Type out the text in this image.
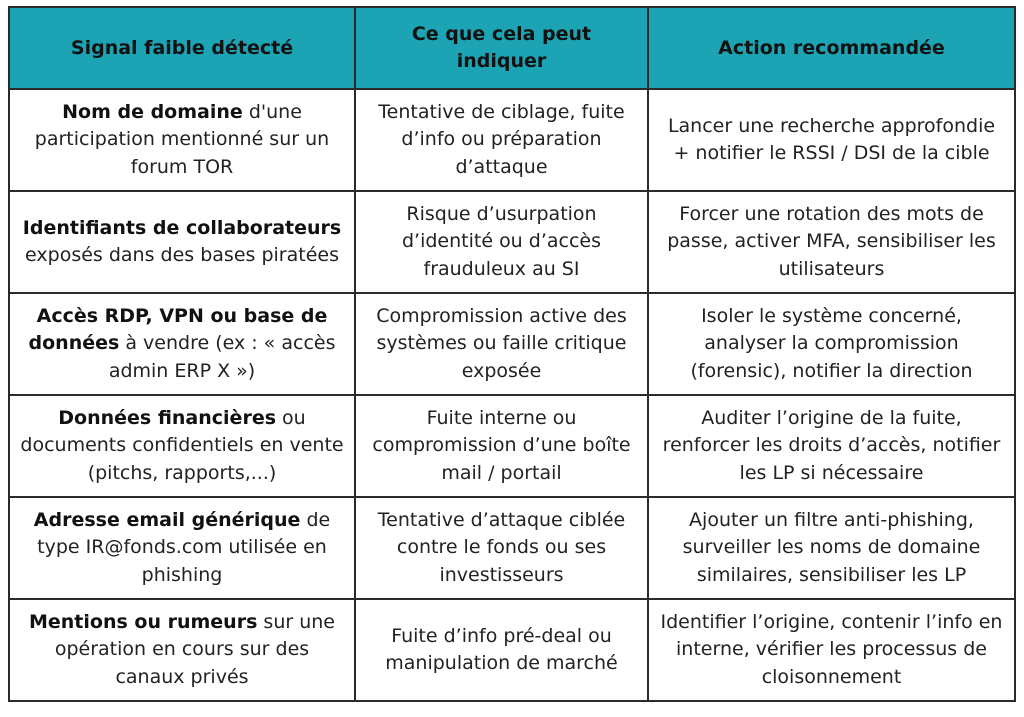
Signal faible détecté	Ce que cela peut indiquer	Action recommandée
Nom de domaine d'une participation mentionné sur un forum TOR	Tentative de ciblage, fuite d’info ou préparation d’attaque	Lancer une recherche approfondie + notifier le RSSI / DSI de la cible
Identifiants de collaborateurs exposés dans des bases piratées	Risque d’usurpation d’identité ou d’accès frauduleux au SI	Forcer une rotation des mots de passe, activer MFA, sensibiliser les utilisateurs
Accès RDP, VPN ou base de données à vendre (ex : « accès admin ERP X »)	Compromission active des systèmes ou faille critique exposée	Isoler le système concerné, analyser la compromission (forensic), notifier la direction
Données financières ou documents confidentiels en vente (pitchs, rapports,...)	Fuite interne ou compromission d’une boîte mail / portail	Auditer l’origine de la fuite, renforcer les droits d’accès, notifier les LP si nécessaire
Adresse email générique de type IR@fonds.com utilisée en phishing	Tentative d’attaque ciblée contre le fonds ou ses investisseurs	Ajouter un filtre anti-phishing, surveiller les noms de domaine similaires, sensibiliser les LP
Mentions ou rumeurs sur une opération en cours sur des canaux privés	Fuite d’info pré-deal ou manipulation de marché	Identifier l’origine, contenir l’info en interne, vérifier les processus de cloisonnement
